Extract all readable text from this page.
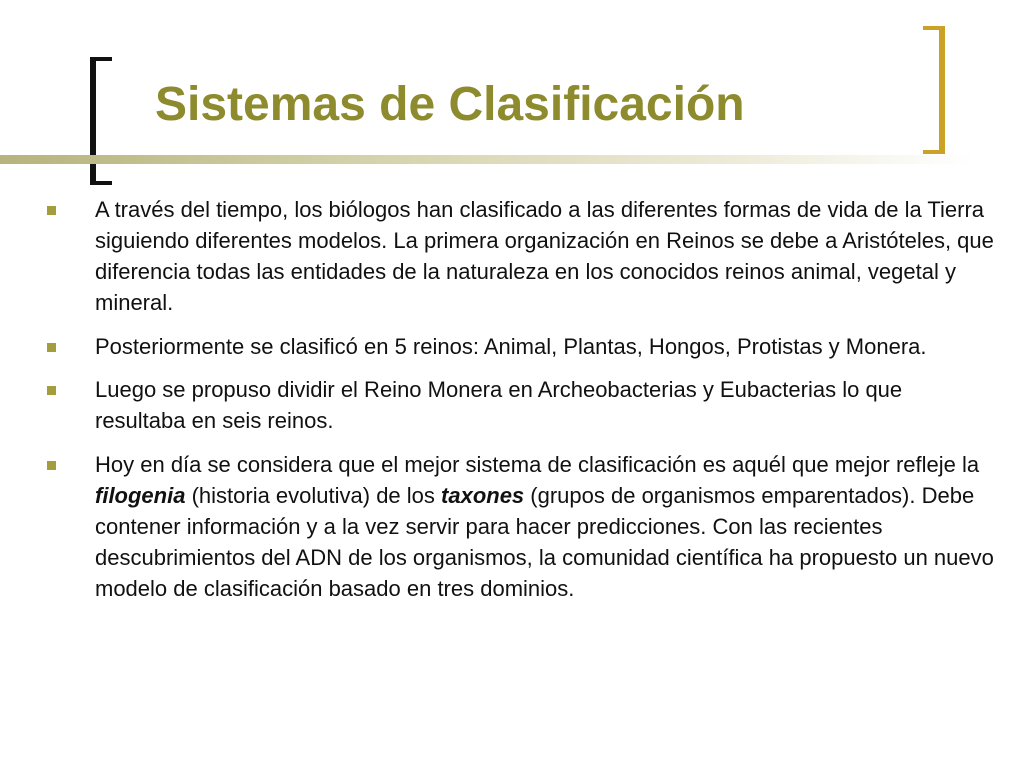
Sistemas de Clasificación
A través del tiempo, los biólogos han clasificado a las diferentes formas de vida de la Tierra siguiendo diferentes modelos. La primera organización en Reinos se debe a Aristóteles, que diferencia todas las entidades de la naturaleza en los conocidos reinos animal, vegetal y mineral.
Posteriormente se clasificó en 5 reinos: Animal, Plantas, Hongos, Protistas y Monera.
Luego se propuso dividir el Reino Monera en Archeobacterias y Eubacterias lo que resultaba en seis reinos.
Hoy en día se considera que el mejor sistema de clasificación es aquél que mejor refleje la filogenia (historia evolutiva) de los taxones (grupos de organismos emparentados). Debe contener información y a la vez servir para hacer predicciones. Con las recientes descubrimientos del ADN de los organismos, la comunidad científica ha propuesto un nuevo modelo de clasificación basado en tres dominios.
